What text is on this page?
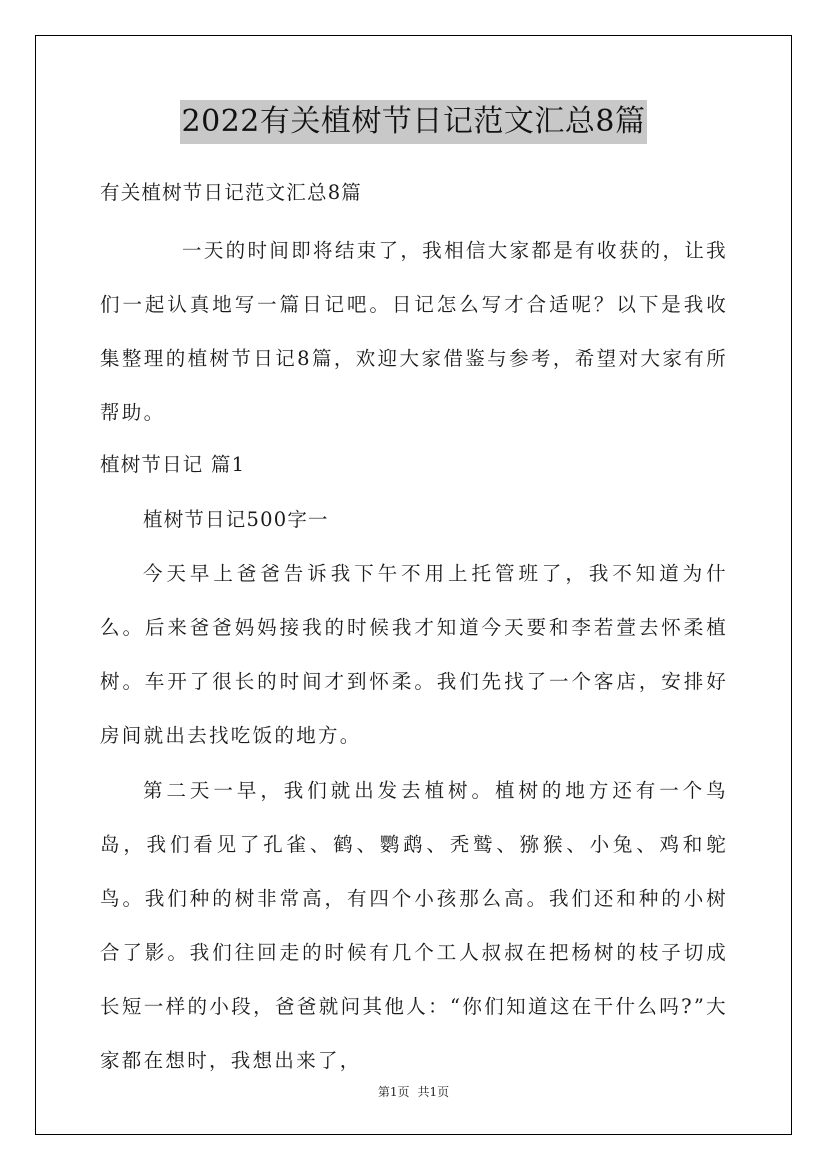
2022有关植树节日记范文汇总8篇

有关植树节日记范文汇总8篇

一天的时间即将结束了，我相信大家都是有收获的，让我们一起认真地写一篇日记吧。日记怎么写才合适呢？以下是我收集整理的植树节日记8篇，欢迎大家借鉴与参考，希望对大家有所帮助。

植树节日记 篇1

植树节日记500字一

今天早上爸爸告诉我下午不用上托管班了，我不知道为什么。后来爸爸妈妈接我的时候我才知道今天要和李若萱去怀柔植树。车开了很长的时间才到怀柔。我们先找了一个客店，安排好房间就出去找吃饭的地方。

第二天一早，我们就出发去植树。植树的地方还有一个鸟岛，我们看见了孔雀、鹤、鹦鹉、秃鹫、猕猴、小兔、鸡和鸵鸟。我们种的树非常高，有四个小孩那么高。我们还和种的小树合了影。我们往回走的时候有几个工人叔叔在把杨树的枝子切成长短一样的小段，爸爸就问其他人：“你们知道这在干什么吗?”大家都在想时，我想出来了，

第1页 共1页
